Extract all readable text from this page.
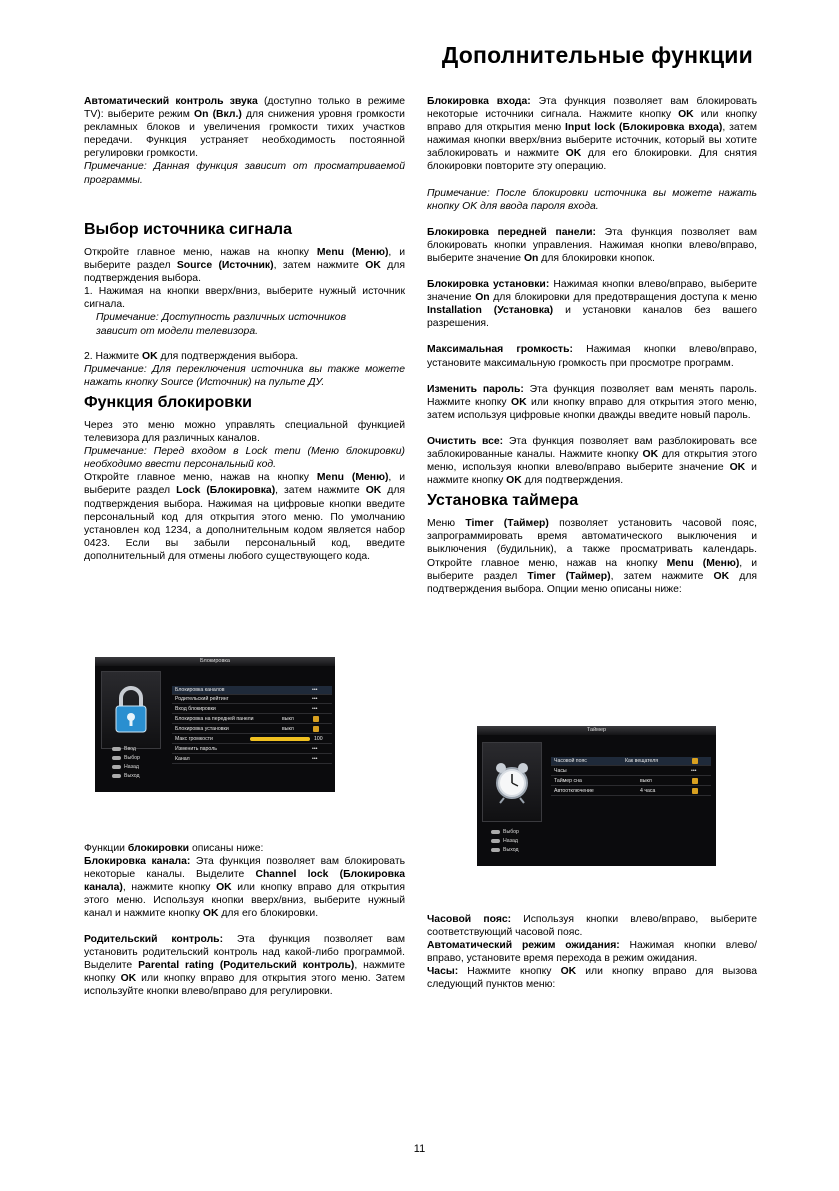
Дополнительные функции

Автоматический контроль звука (доступно только в режиме TV): выберите режим On (Вкл.) для снижения уровня громкости рекламных блоков и увеличения громкости тихих участков передачи. Функция устраняет необходимость постоянной регулировки громкости.

Примечание: Данная функция зависит от просматриваемой программы.

Выбор источника сигнала

Откройте главное меню, нажав на кнопку Menu (Меню), и выберите раздел Source (Источник), затем нажмите OK для подтверждения выбора.

1. Нажимая на кнопки вверх/вниз, выберите нужный источник сигнала.

Примечание: Доступность различных источников зависит от модели телевизора.

2. Нажмите OK для подтверждения выбора.

Примечание: Для переключения источника вы также можете нажать кнопку Source (Источник) на пульте ДУ.

Функция блокировки

Через это меню можно управлять специальной функцией телевизора для различных каналов.

Примечание: Перед входом в Lock menu (Меню блокировки) необходимо ввести персональный код.

Откройте главное меню, нажав на кнопку Menu (Меню), и выберите раздел Lock (Блокировка), затем нажмите OK для подтверждения выбора. Нажимая на цифровые кнопки введите персональный код для открытия этого меню. По умолчанию установлен код 1234, а дополнительным кодом является набор 0423. Если вы забыли персональный код, введите дополнительный для отмены любого существующего кода.

Блокировка
Блокировка каналов	•••
Родительский рейтинг	•••
Вход блокировки	•••
Блокировка на передней панели	выкл
Блокировка установки	выкл
Макс громкости	100
Изменить пароль	•••
Канал	•••
Ввод
Выбор
Назад
Выход

Функции блокировки описаны ниже:

Блокировка канала: Эта функция позволяет вам блокировать некоторые каналы. Выделите Channel lock (Блокировка канала), нажмите кнопку OK или кнопку вправо для открытия этого меню. Используя кнопки вверх/вниз, выберите нужный канал и нажмите кнопку OK для его блокировки.

Родительский контроль: Эта функция позволяет вам установить родительский контроль над какой-либо программой. Выделите Parental rating (Родительский контроль), нажмите кнопку OK или кнопку вправо для открытия этого меню. Затем используйте кнопки влево/вправо для регулировки.

Блокировка входа: Эта функция позволяет вам блокировать некоторые источники сигнала. Нажмите кнопку OK или кнопку вправо для открытия меню Input lock (Блокировка входа), затем нажимая кнопки вверх/вниз выберите источник, который вы хотите заблокировать и нажмите OK для его блокировки. Для снятия блокировки повторите эту операцию.

Примечание: После блокировки источника вы можете нажать кнопку OK для ввода пароля входа.

Блокировка передней панели: Эта функция позволяет вам блокировать кнопки управления. Нажимая кнопки влево/вправо, выберите значение On для блокировки кнопок.

Блокировка установки: Нажимая кнопки влево/вправо, выберите значение On для блокировки для предотвращения доступа к меню Installation (Установка) и установки каналов без вашего разрешения.

Максимальная громкость: Нажимая кнопки влево/вправо, установите максимальную громкость при просмотре программ.

Изменить пароль: Эта функция позволяет вам менять пароль. Нажмите кнопку OK или кнопку вправо для открытия этого меню, затем используя цифровые кнопки дважды введите новый пароль.

Очистить все: Эта функция позволяет вам разблокировать все заблокированные каналы. Нажмите кнопку OK для открытия этого меню, используя кнопки влево/вправо выберите значение OK и нажмите кнопку OK для подтверждения.

Установка таймера

Меню Timer (Таймер) позволяет установить часовой пояс, запрограммировать время автоматического выключения и выключения (будильник), а также просматривать календарь. Откройте главное меню, нажав на кнопку Menu (Меню), и выберите раздел Timer (Таймер), затем нажмите OK для подтверждения выбора. Опции меню описаны ниже:

Таймер
Часовой пояс	Как вещателя
Часы	•••
Таймер сна	выкл
Автоотключение	4 часа
Выбор
Назад
Выход

Часовой пояс: Используя кнопки влево/вправо, выберите соответствующий часовой пояс.

Автоматический режим ожидания: Нажимая кнопки влево/вправо, установите время перехода в режим ожидания.

Часы: Нажмите кнопку OK или кнопку вправо для вызова следующий пунктов меню:

11
